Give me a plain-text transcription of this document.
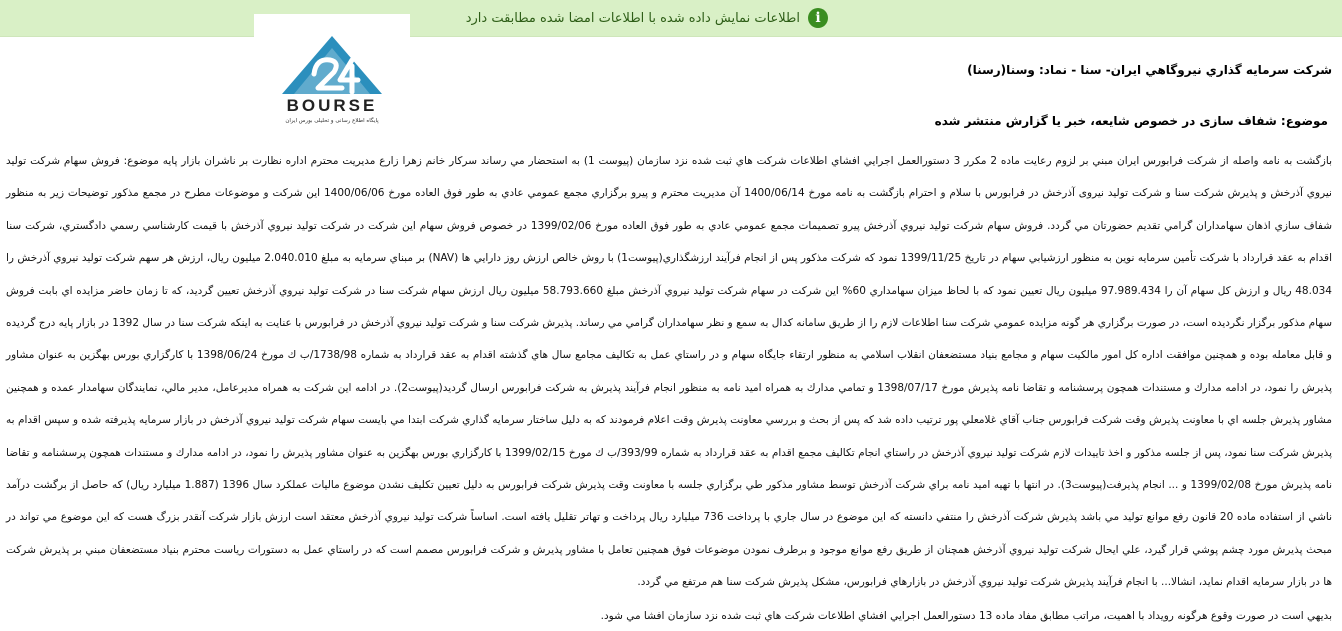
i
اطلاعات نمايش داده شده با اطلاعات امضا شده مطابقت دارد
BOURSE
پایگاه اطلاع رسانی و تحلیلی بورس ایران
شرکت سرمايه گذاري نيروگاهي ايران- سنا - نماد: وسنا(رسنا)
موضوع: شفاف سازی در خصوص شایعه، خبر یا گزارش منتشر شده

بازگشت به نامه واصله از شركت فرابورس ايران مبني بر لزوم رعايت ماده 2 مكرر 3 دستورالعمل اجرايي افشاي اطلاعات شركت هاي ثبت شده نزد سازمان (پيوست 1) به استحضار مي رساند سركار خانم زهرا زارع مديريت محترم اداره نظارت بر ناشران بازار پايه موضوع: فروش سهام شركت توليد نيروي آذرخش و پذيرش شرکت سنا و شرکت تولید نیروی آذرخش در فرابورس با سلام و احترام بازگشت به نامه مورخ 1400/06/14 آن مديريت محترم و پيرو برگزاري مجمع عمومي عادي به طور فوق العاده مورخ 1400/06/06 اين شركت و موضوعات مطرح در مجمع مذكور توضيحات زير به منظور شفاف سازي اذهان سهامداران گرامي تقديم حضورتان مي گردد. فروش سهام شركت توليد نيروي آذرخش پيرو تصميمات مجمع عمومي عادي به طور فوق العاده مورخ 1399/02/06 در خصوص فروش سهام اين شركت در شركت توليد نيروي آذرخش با قيمت كارشناسي رسمي دادگستري، شركت سنا اقدام به عقد قرارداد با شركت تأمين سرمايه نوين به منظور ارزشيابي سهام در تاريخ 1399/11/25 نمود كه شركت مذكور پس از انجام فرآيند ارزشگذاري(پيوست1) با روش خالص ارزش روز دارايي ها (NAV) بر مبناي سرمايه به مبلغ 2.040.010 ميليون ريال، ارزش هر سهم شركت توليد نيروي آذرخش را 48.034 ريال و ارزش كل سهام آن را 97.989.434 ميليون ريال تعيين نمود كه با لحاظ ميزان سهامداري 60% اين شركت در سهام شركت توليد نيروي آذرخش مبلغ 58.793.660 ميليون ريال ارزش سهام شركت سنا در شركت توليد نيروي آذرخش تعيين گرديد، كه تا زمان حاضر مزايده اي بابت فروش سهام مذكور برگزار نگرديده است، در صورت برگزاري هر گونه مزايده عمومي شركت سنا اطلاعات لازم را از طريق سامانه كدال به سمع و نظر سهامداران گرامي مي رساند. پذيرش شركت سنا و شركت توليد نيروي آذرخش در فرابورس با عنايت به اينكه شركت سنا در سال 1392 در بازار پايه درج گرديده و قابل معامله بوده و همچنين موافقت اداره كل امور مالكيت سهام و مجامع بنياد مستضعفان انقلاب اسلامي به منظور ارتقاء جايگاه سهام و در راستاي عمل به تكاليف مجامع سال هاي گذشته اقدام به عقد قرارداد به شماره 1738/98/ب ك مورخ 1398/06/24 با كارگزاري بورس بهگزين به عنوان مشاور پذيرش را نمود، در ادامه مدارك و مستندات همچون پرسشنامه و تقاضا نامه پذيرش مورخ 1398/07/17 و تمامي مدارك به همراه اميد نامه به منظور انجام فرآيند پذيرش به شركت فرابورس ارسال گرديد(پيوست2). در ادامه اين شركت به همراه مديرعامل، مدير مالي، نمايندگان سهامدار عمده و همچنين مشاور پذيرش جلسه اي با معاونت پذيرش وقت شركت فرابورس جناب آقاي غلامعلي پور ترتيب داده شد كه پس از بحث و بررسي معاونت پذيرش وقت اعلام فرمودند كه به دليل ساختار سرمايه گذاري شركت ابتدا مي بايست سهام شركت توليد نيروي آذرخش در بازار سرمايه پذيرفته شده و سپس اقدام به پذيرش شركت سنا نمود، پس از جلسه مذكور و اخذ تاييدات لازم شركت توليد نيروي آذرخش در راستاي انجام تكاليف مجمع اقدام به عقد قرارداد به شماره 393/99/ب ك مورخ 1399/02/15 با كارگزاري بورس بهگزين به عنوان مشاور پذيرش را نمود، در ادامه مدارك و مستندات همچون پرسشنامه و تقاضا نامه پذيرش مورخ 1399/02/08 و ... انجام پذيرفت(پيوست3). در انتها با تهيه اميد نامه براي شركت آذرخش توسط مشاور مذكور طي برگزاري جلسه با معاونت وقت پذيرش شركت فرابورس به دليل تعيين تكليف نشدن موضوع ماليات عملكرد سال 1396 (1.887 ميليارد ريال) كه حاصل از برگشت درآمد ناشي از استفاده ماده 20 قانون رفع موانع توليد مي باشد پذيرش شركت آذرخش را منتفي دانسته كه اين موضوع در سال جاري با پرداخت 736 ميليارد ريال پرداخت و تهاتر تقليل يافته است. اساساً شركت توليد نيروي آذرخش معتقد است ارزش بازار شركت آنقدر بزرگ هست كه اين موضوع مي تواند در مبحث پذيرش مورد چشم پوشي قرار گيرد، علي ايحال شركت توليد نيروي آذرخش همچنان از طريق رفع موانع موجود و برطرف نمودن موضوعات فوق همچنين تعامل با مشاور پذيرش و شركت فرابورس مصمم است كه در راستاي عمل به دستورات رياست محترم بنياد مستضعفان مبني بر پذيرش شركت ها در بازار سرمايه اقدام نمايد، انشالا... با انجام فرآيند پذيرش شركت توليد نيروي آذرخش در بازارهاي فرابورس، مشكل پذيرش شركت سنا هم مرتفع مي گردد.

بديهي است در صورت وقوع هرگونه رويداد با اهميت، مراتب مطابق مفاد ماده 13 دستورالعمل اجرايي افشاي اطلاعات شركت هاي ثبت شده نزد سازمان افشا مي شود.
